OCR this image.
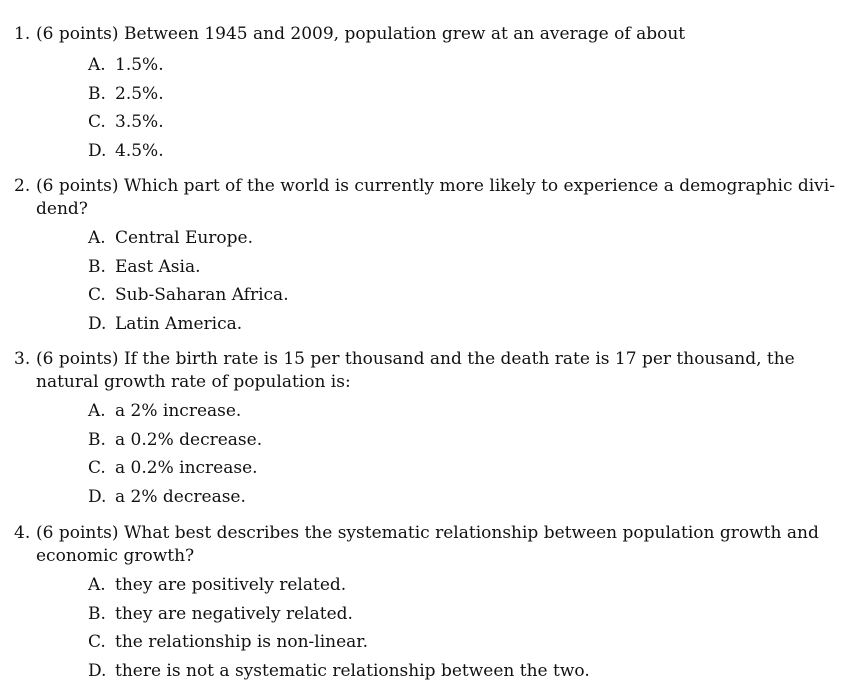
1. (6 points) Between 1945 and 2009, population grew at an average of about
A. 1.5%.
B. 2.5%.
C. 3.5%.
D. 4.5%.
2. (6 points) Which part of the world is currently more likely to experience a demographic divi-
dend?
A. Central Europe.
B. East Asia.
C. Sub-Saharan Africa.
D. Latin America.
3. (6 points) If the birth rate is 15 per thousand and the death rate is 17 per thousand, the
natural growth rate of population is:
A. a 2% increase.
B. a 0.2% decrease.
C. a 0.2% increase.
D. a 2% decrease.
4. (6 points) What best describes the systematic relationship between population growth and
economic growth?
A. they are positively related.
B. they are negatively related.
C. the relationship is non-linear.
D. there is not a systematic relationship between the two.
